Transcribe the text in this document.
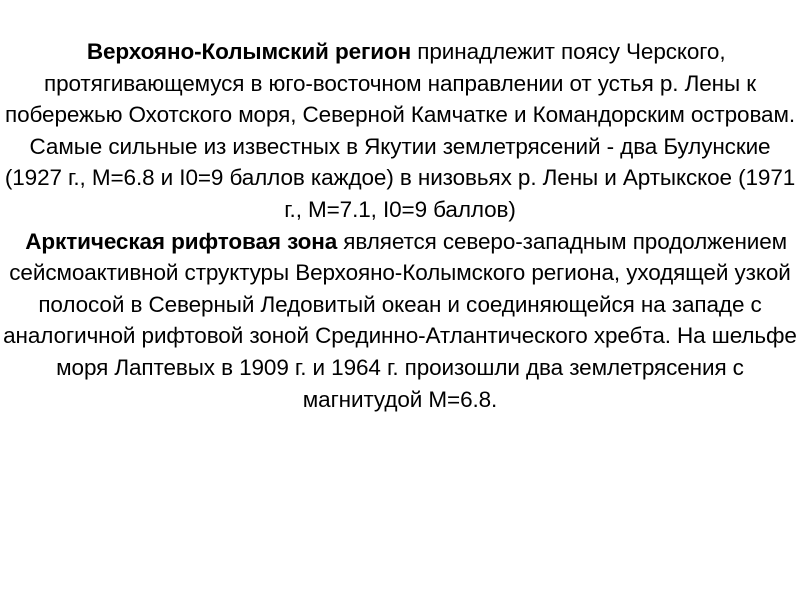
Верхояно-Колымский регион принадлежит поясу Черского, протягивающемуся в юго-восточном направлении от устья р. Лены к побережью Охотского моря, Северной Камчатке и Командорским островам. Самые сильные из известных в Якутии землетрясений - два Булунские (1927 г., М=6.8 и I0=9 баллов каждое) в низовьях р. Лены и Артыкское (1971 г., М=7.1, I0=9 баллов)

Арктическая рифтовая зона является северо-западным продолжением сейсмоактивной структуры Верхояно-Колымского региона, уходящей узкой полосой в Северный Ледовитый океан и соединяющейся на западе с аналогичной рифтовой зоной Срединно-Атлантического хребта. На шельфе моря Лаптевых в 1909 г. и 1964 г. произошли два землетрясения с магнитудой М=6.8.
